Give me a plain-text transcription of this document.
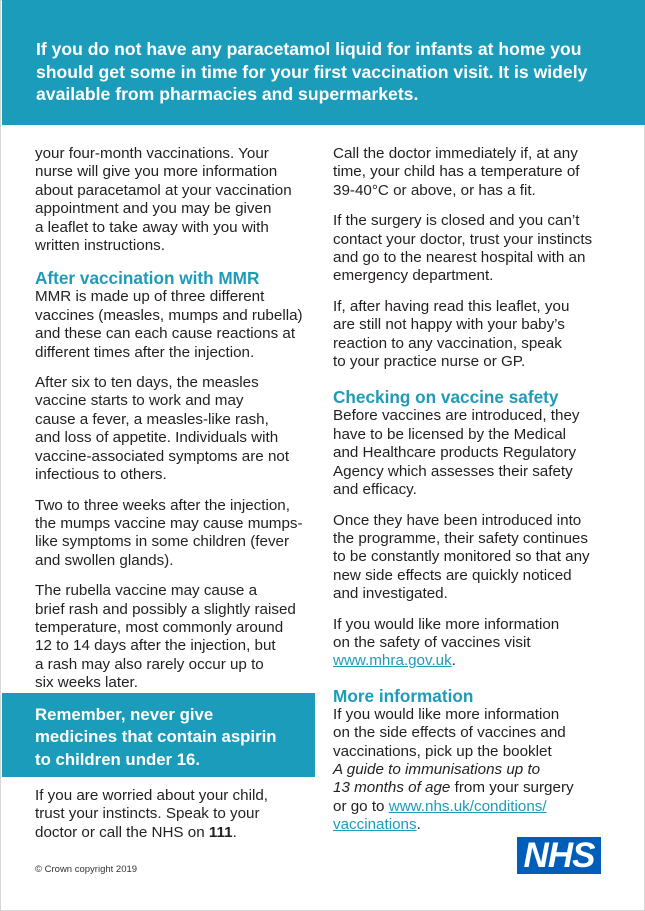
If you do not have any paracetamol liquid for infants at home you should get some in time for your first vaccination visit. It is widely available from pharmacies and supermarkets.

your four-month vaccinations. Your
nurse will give you more information
about paracetamol at your vaccination
appointment and you may be given
a leaflet to take away with you with
written instructions.

After vaccination with MMR

MMR is made up of three different
vaccines (measles, mumps and rubella)
and these can each cause reactions at
different times after the injection.

After six to ten days, the measles
vaccine starts to work and may
cause a fever, a measles-like rash,
and loss of appetite. Individuals with
vaccine-associated symptoms are not
infectious to others.

Two to three weeks after the injection,
the mumps vaccine may cause mumps-
like symptoms in some children (fever
and swollen glands).

The rubella vaccine may cause a
brief rash and possibly a slightly raised
temperature, most commonly around
12 to 14 days after the injection, but
a rash may also rarely occur up to
six weeks later.

Remember, never give
medicines that contain aspirin
to children under 16.

If you are worried about your child,
trust your instincts. Speak to your
doctor or call the NHS on 111.

Call the doctor immediately if, at any
time, your child has a temperature of
39-40°C or above, or has a fit.

If the surgery is closed and you can’t
contact your doctor, trust your instincts
and go to the nearest hospital with an
emergency department.

If, after having read this leaflet, you
are still not happy with your baby’s
reaction to any vaccination, speak
to your practice nurse or GP.

Checking on vaccine safety

Before vaccines are introduced, they
have to be licensed by the Medical
and Healthcare products Regulatory
Agency which assesses their safety
and efficacy.

Once they have been introduced into
the programme, their safety continues
to be constantly monitored so that any
new side effects are quickly noticed
and investigated.

If you would like more information
on the safety of vaccines visit
www.mhra.gov.uk.

More information

If you would like more information
on the side effects of vaccines and
vaccinations, pick up the booklet
A guide to immunisations up to
13 months of age from your surgery
or go to www.nhs.uk/conditions/
vaccinations.

© Crown copyright 2019	NHS
